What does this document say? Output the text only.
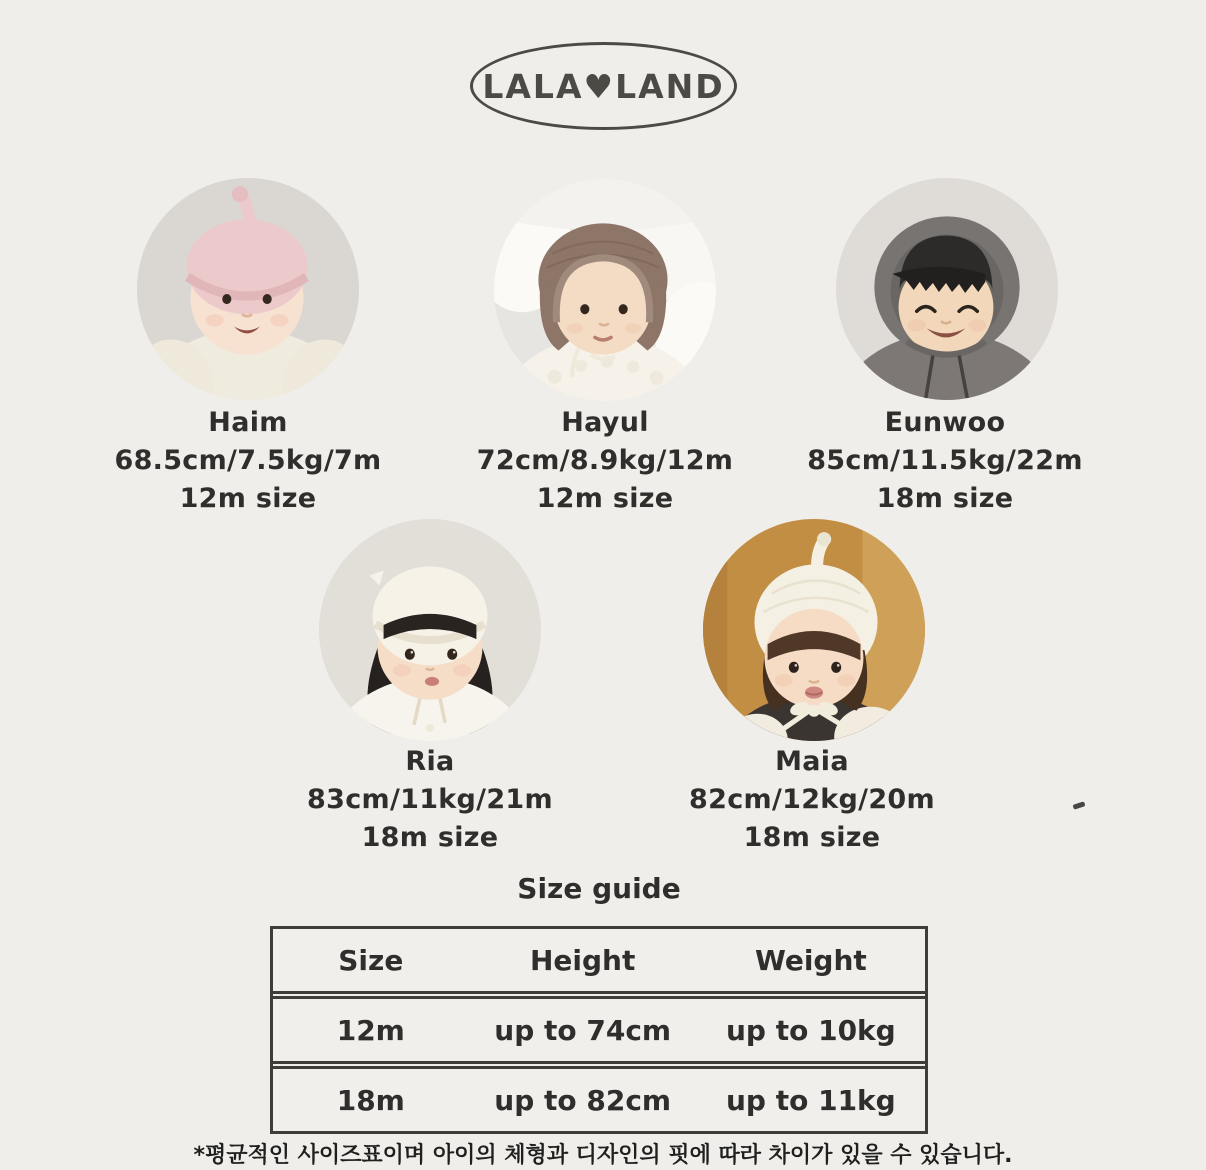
LALA♥LAND
Haim
68.5cm/7.5kg/7m
12m size
Hayul
72cm/8.9kg/12m
12m size
Eunwoo
85cm/11.5kg/22m
18m size
Ria
83cm/11kg/21m
18m size
Maia
82cm/12kg/20m
18m size
Size guide
Size	Height	Weight
12m	up to 74cm	up to 10kg
18m	up to 82cm	up to 11kg
*평균적인 사이즈표이며 아이의 체형과 디자인의 핏에 따라 차이가 있을 수 있습니다.
